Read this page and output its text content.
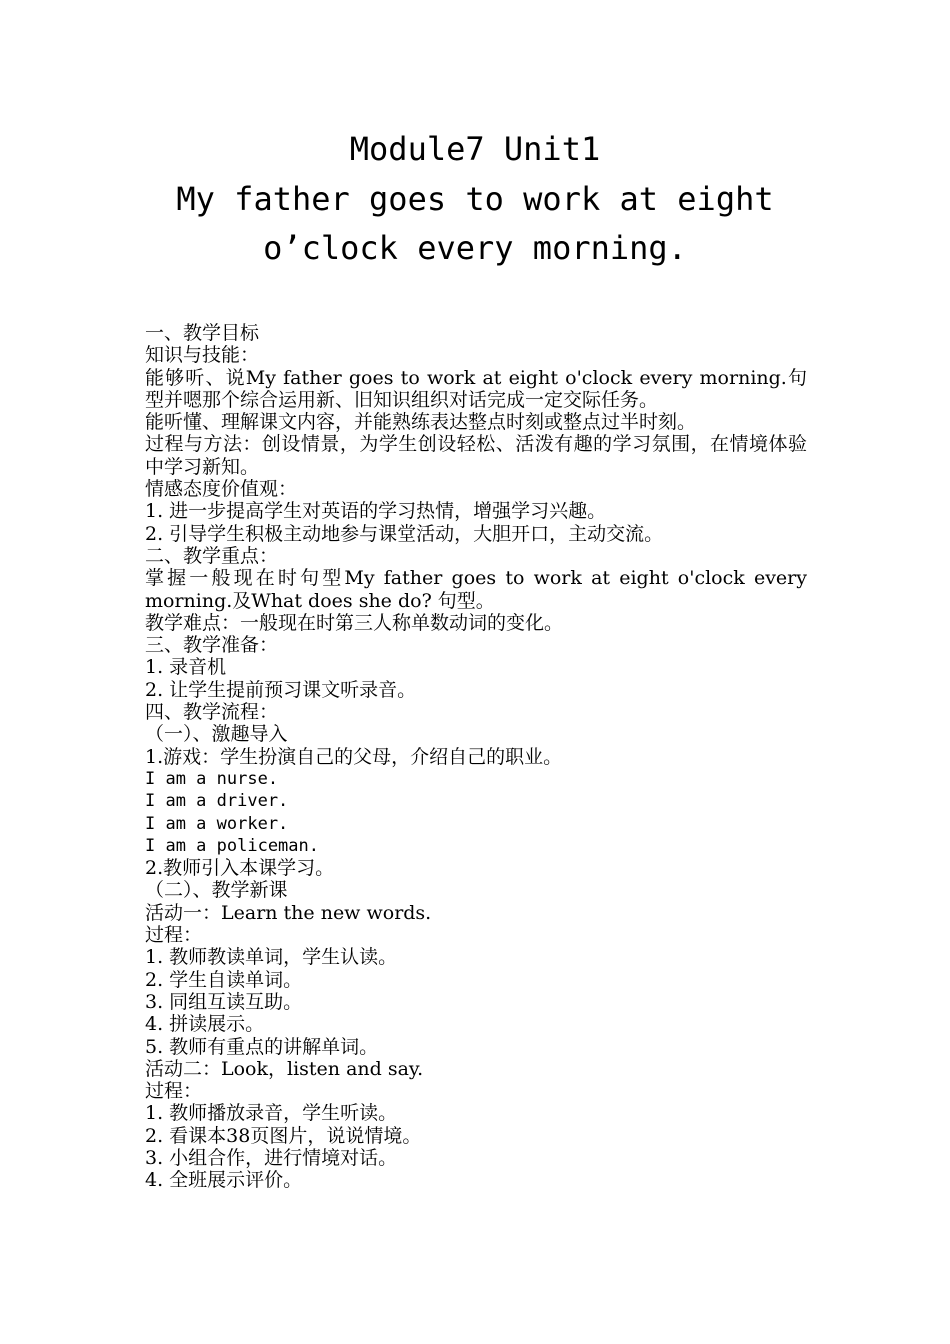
Module7 Unit1
My father goes to work at eight
o’clock every morning.

一、教学目标

知识与技能：

能够听、说My father goes to work at eight o'clock every morning.句型并嗯那个综合运用新、旧知识组织对话完成一定交际任务。

能听懂、理解课文内容，并能熟练表达整点时刻或整点过半时刻。

过程与方法：创设情景，为学生创设轻松、活泼有趣的学习氛围，在情境体验中学习新知。

情感态度价值观：

1. 进一步提高学生对英语的学习热情，增强学习兴趣。

2. 引导学生积极主动地参与课堂活动，大胆开口，主动交流。

二、教学重点：

掌握一般现在时句型My father goes to work at eight o'clock every morning.及What does she do? 句型。

教学难点：一般现在时第三人称单数动词的变化。

三、教学准备：

1. 录音机

2. 让学生提前预习课文听录音。

四、教学流程：

（一）、激趣导入

1.游戏：学生扮演自己的父母，介绍自己的职业。

I am a nurse.

I am a driver.

I am a worker.

I am a policeman.

2.教师引入本课学习。

（二）、教学新课

活动一：Learn the new words.

过程：

1. 教师教读单词，学生认读。

2. 学生自读单词。

3. 同组互读互助。

4. 拼读展示。

5. 教师有重点的讲解单词。

活动二：Look，listen and say.

过程：

1. 教师播放录音，学生听读。

2. 看课本38页图片，说说情境。

3. 小组合作，进行情境对话。

4. 全班展示评价。
